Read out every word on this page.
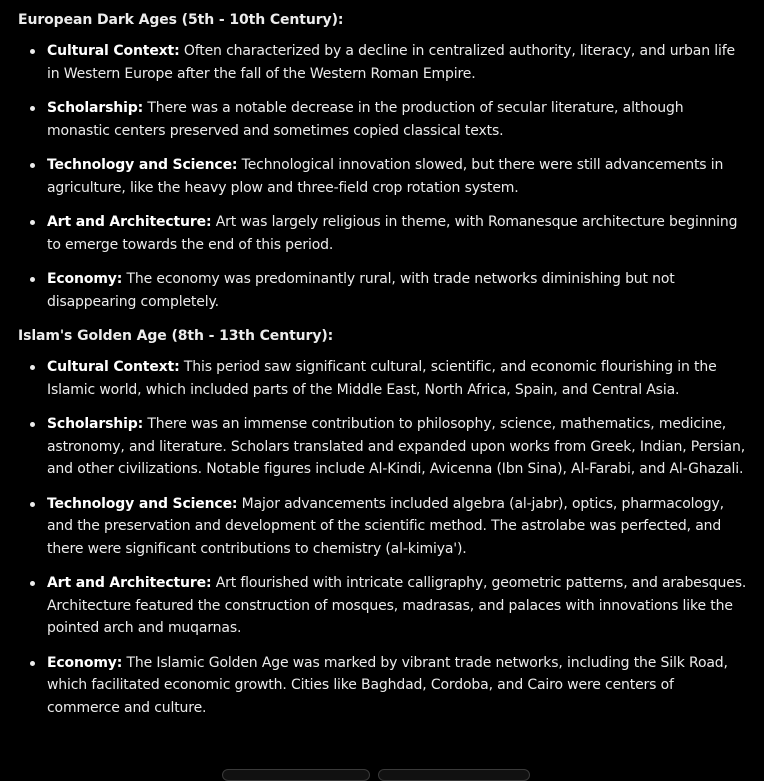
European Dark Ages (5th - 10th Century):

Cultural Context: Often characterized by a decline in centralized authority, literacy, and urban life in Western Europe after the fall of the Western Roman Empire.
Scholarship: There was a notable decrease in the production of secular literature, although monastic centers preserved and sometimes copied classical texts.
Technology and Science: Technological innovation slowed, but there were still advancements in agriculture, like the heavy plow and three-field crop rotation system.
Art and Architecture: Art was largely religious in theme, with Romanesque architecture beginning to emerge towards the end of this period.
Economy: The economy was predominantly rural, with trade networks diminishing but not disappearing completely.

Islam's Golden Age (8th - 13th Century):

Cultural Context: This period saw significant cultural, scientific, and economic flourishing in the Islamic world, which included parts of the Middle East, North Africa, Spain, and Central Asia.
Scholarship: There was an immense contribution to philosophy, science, mathematics, medicine, astronomy, and literature. Scholars translated and expanded upon works from Greek, Indian, Persian, and other civilizations. Notable figures include Al-Kindi, Avicenna (Ibn Sina), Al-Farabi, and Al-Ghazali.
Technology and Science: Major advancements included algebra (al-jabr), optics, pharmacology, and the preservation and development of the scientific method. The astrolabe was perfected, and there were significant contributions to chemistry (al-kimiya').
Art and Architecture: Art flourished with intricate calligraphy, geometric patterns, and arabesques. Architecture featured the construction of mosques, madrasas, and palaces with innovations like the pointed arch and muqarnas.
Economy: The Islamic Golden Age was marked by vibrant trade networks, including the Silk Road, which facilitated economic growth. Cities like Baghdad, Cordoba, and Cairo were centers of commerce and culture.
